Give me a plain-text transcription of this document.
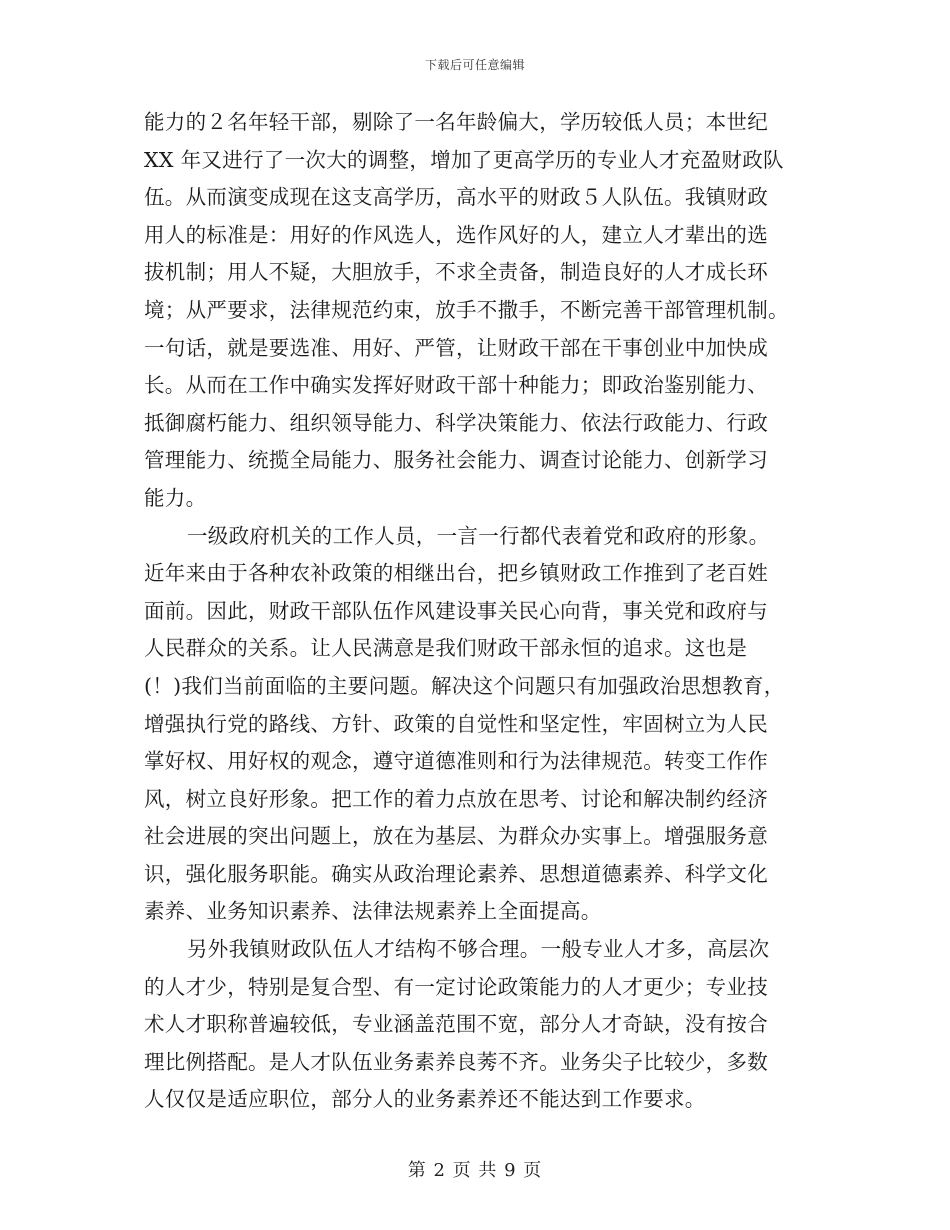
下载后可任意编辑
能力的２名年轻干部，剔除了一名年龄偏大，学历较低人员；本世纪
XX 年又进行了一次大的调整，增加了更高学历的专业人才充盈财政队
伍。从而演变成现在这支高学历，高水平的财政５人队伍。我镇财政
用人的标准是：用好的作风选人，选作风好的人，建立人才辈出的选
拔机制；用人不疑，大胆放手，不求全责备，制造良好的人才成长环
境；从严要求，法律规范约束，放手不撒手，不断完善干部管理机制。
一句话，就是要选准、用好、严管，让财政干部在干事创业中加快成
长。从而在工作中确实发挥好财政干部十种能力；即政治鉴别能力、
抵御腐朽能力、组织领导能力、科学决策能力、依法行政能力、行政
管理能力、统揽全局能力、服务社会能力、调查讨论能力、创新学习
能力。
一级政府机关的工作人员，一言一行都代表着党和政府的形象。
近年来由于各种农补政策的相继出台，把乡镇财政工作推到了老百姓
面前。因此，财政干部队伍作风建设事关民心向背，事关党和政府与
人民群众的关系。让人民满意是我们财政干部永恒的追求。这也是
(！)我们当前面临的主要问题。解决这个问题只有加强政治思想教育，
增强执行党的路线、方针、政策的自觉性和坚定性，牢固树立为人民
掌好权、用好权的观念，遵守道德准则和行为法律规范。转变工作作
风，树立良好形象。把工作的着力点放在思考、讨论和解决制约经济
社会进展的突出问题上，放在为基层、为群众办实事上。增强服务意
识，强化服务职能。确实从政治理论素养、思想道德素养、科学文化
素养、业务知识素养、法律法规素养上全面提高。
另外我镇财政队伍人才结构不够合理。一般专业人才多，高层次
的人才少，特别是复合型、有一定讨论政策能力的人才更少；专业技
术人才职称普遍较低，专业涵盖范围不宽，部分人才奇缺，没有按合
理比例搭配。是人才队伍业务素养良莠不齐。业务尖子比较少，多数
人仅仅是适应职位，部分人的业务素养还不能达到工作要求。
第 2 页 共 9 页
